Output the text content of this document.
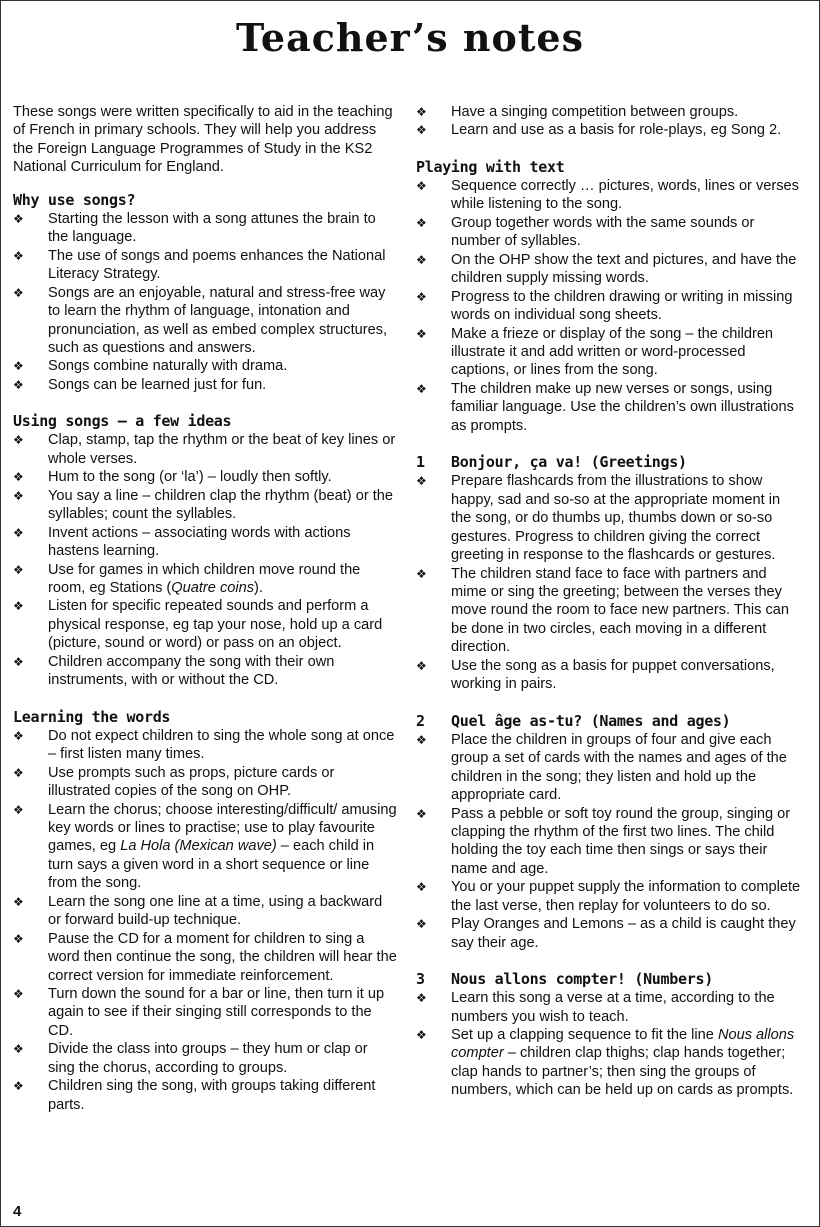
Teacher’s notes

These songs were written specifically to aid in the teaching of French in primary schools. They will help you address the Foreign Language Programmes of Study in the KS2 National Curriculum for England.

Why use songs?
❖	Starting the lesson with a song attunes the brain to the language.
❖	The use of songs and poems enhances the National Literacy Strategy.
❖	Songs are an enjoyable, natural and stress-free way to learn the rhythm of language, intonation and pronunciation, as well as embed complex structures, such as questions and answers.
❖	Songs combine naturally with drama.
❖	Songs can be learned just for fun.
Using songs – a few ideas
❖	Clap, stamp, tap the rhythm or the beat of key lines or whole verses.
❖	Hum to the song (or ‘la’) – loudly then softly.
❖	You say a line – children clap the rhythm (beat) or the syllables; count the syllables.
❖	Invent actions – associating words with actions hastens learning.
❖	Use for games in which children move round the room, eg Stations (Quatre coins).
❖	Listen for specific repeated sounds and perform a physical response, eg tap your nose, hold up a card (picture, sound or word) or pass on an object.
❖	Children accompany the song with their own instruments, with or without the CD.
Learning the words
❖	Do not expect children to sing the whole song at once – first listen many times.
❖	Use prompts such as props, picture cards or illustrated copies of the song on OHP.
❖	Learn the chorus; choose interesting/difficult/ amusing key words or lines to practise; use to play favourite games, eg La Hola (Mexican wave) – each child in turn says a given word in a short sequence or line from the song.
❖	Learn the song one line at a time, using a backward or forward build-up technique.
❖	Pause the CD for a moment for children to sing a word then continue the song, the children will hear the correct version for immediate reinforcement.
❖	Turn down the sound for a bar or line, then turn it up again to see if their singing still corresponds to the CD.
❖	Divide the class into groups – they hum or clap or sing the chorus, according to groups.
❖	Children sing the song, with groups taking different parts.
❖	Have a singing competition between groups.
❖	Learn and use as a basis for role-plays, eg Song 2.
Playing with text
❖	Sequence correctly … pictures, words, lines or verses while listening to the song.
❖	Group together words with the same sounds or number of syllables.
❖	On the OHP show the text and pictures, and have the children supply missing words.
❖	Progress to the children drawing or writing in missing words on individual song sheets.
❖	Make a frieze or display of the song – the children illustrate it and add written or word-processed captions, or lines from the song.
❖	The children make up new verses or songs, using familiar language. Use the children’s own illustrations as prompts.
1 Bonjour, ça va! (Greetings)
❖	Prepare flashcards from the illustrations to show happy, sad and so-so at the appropriate moment in the song, or do thumbs up, thumbs down or so-so gestures. Progress to children giving the correct greeting in response to the flashcards or gestures.
❖	The children stand face to face with partners and mime or sing the greeting; between the verses they move round the room to face new partners. This can be done in two circles, each moving in a different direction.
❖	Use the song as a basis for puppet conversations, working in pairs.
2 Quel âge as-tu? (Names and ages)
❖	Place the children in groups of four and give each group a set of cards with the names and ages of the children in the song; they listen and hold up the appropriate card.
❖	Pass a pebble or soft toy round the group, singing or clapping the rhythm of the first two lines. The child holding the toy each time then sings or says their name and age.
❖	You or your puppet supply the information to complete the last verse, then replay for volunteers to do so.
❖	Play Oranges and Lemons – as a child is caught they say their age.
3 Nous allons compter! (Numbers)
❖	Learn this song a verse at a time, according to the numbers you wish to teach.
❖	Set up a clapping sequence to fit the line Nous allons compter – children clap thighs; clap hands together; clap hands to partner’s; then sing the groups of numbers, which can be held up on cards as prompts.
4
